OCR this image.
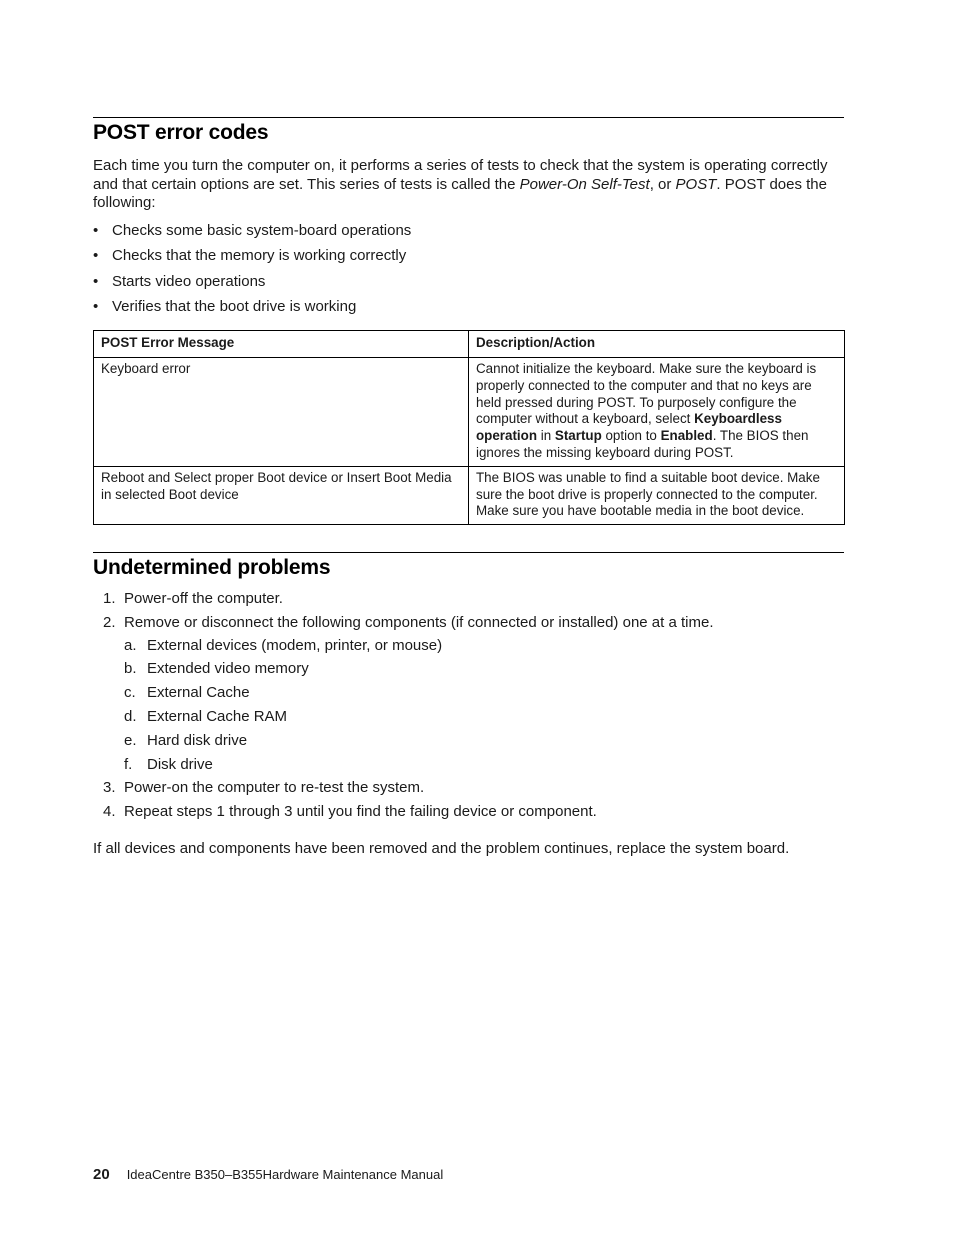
POST error codes

Each time you turn the computer on, it performs a series of tests to check that the system is operating correctly and that certain options are set. This series of tests is called the Power-On Self-Test, or POST. POST does the following:

• Checks some basic system-board operations
• Checks that the memory is working correctly
• Starts video operations
• Verifies that the boot drive is working
POST Error Message	Description/Action
Keyboard error	Cannot initialize the keyboard. Make sure the keyboard is properly connected to the computer and that no keys are held pressed during POST. To purposely configure the computer without a keyboard, select Keyboardless operation in Startup option to Enabled. The BIOS then ignores the missing keyboard during POST.
Reboot and Select proper Boot device or Insert Boot Media in selected Boot device	The BIOS was unable to find a suitable boot device. Make sure the boot drive is properly connected to the computer. Make sure you have bootable media in the boot device.
Undetermined problems
1. Power-off the computer.
2. Remove or disconnect the following components (if connected or installed) one at a time.
a. External devices (modem, printer, or mouse)
b. Extended video memory
c. External Cache
d. External Cache RAM
e. Hard disk drive
f. Disk drive
3. Power-on the computer to re-test the system.
4. Repeat steps 1 through 3 until you find the failing device or component.

If all devices and components have been removed and the problem continues, replace the system board.

20 IdeaCentre B350–B355Hardware Maintenance Manual
